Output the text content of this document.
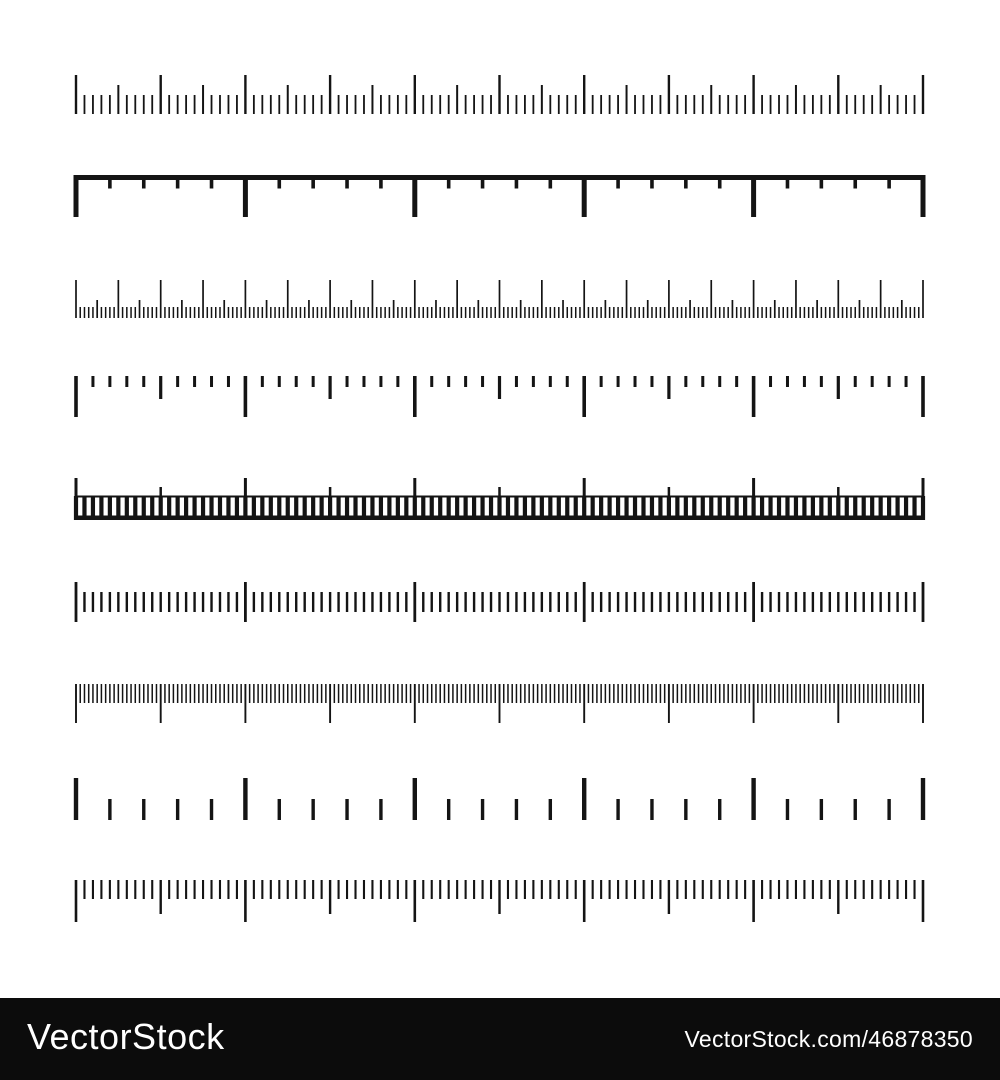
VectorStock	VectorStock.com/46878350
